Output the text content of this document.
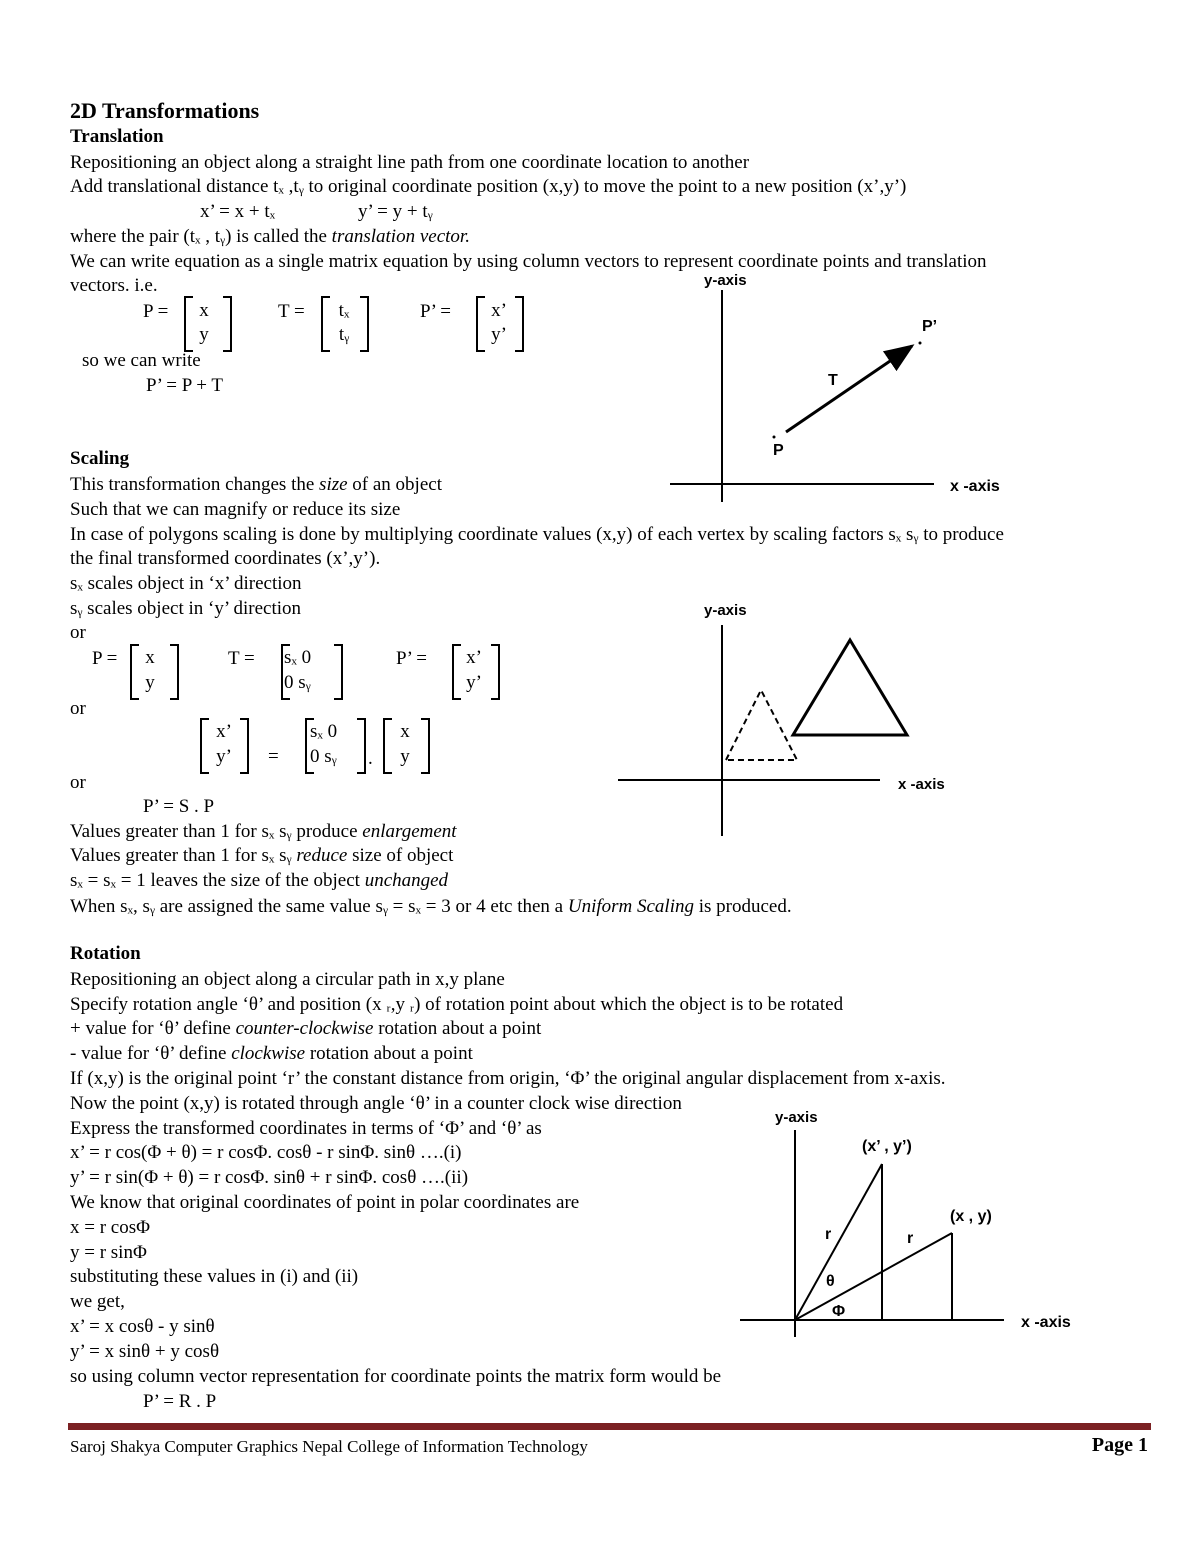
2D Transformations
Translation
Repositioning an object along a straight line path from one coordinate location to another
Add translational distance tₓ ,tᵧ to original coordinate position (x,y) to move the point to a new position (x’,y’)
x’ = x + tₓ	y’ = y + tᵧ
where the pair (tₓ , tᵧ) is called the translation vector.
We can write equation as a single matrix equation by using column vectors to represent coordinate points and translation
vectors. i.e.
P = x
y
T =	tₓ
tᵧ
P’ = x’
y’
so we can write
P’ = P + T
y-axis
x -axis
P’
T
P
Scaling
This transformation changes the size of an object
Such that we can magnify or reduce its size
In case of polygons scaling is done by multiplying coordinate values (x,y) of each vertex by scaling factors sₓ sᵧ to produce
the final transformed coordinates (x’,y’).
sₓ scales object in ‘x’ direction
sᵧ scales object in ‘y’ direction
or
P = x
y
T = sₓ 0
0 sᵧ
P’ =	x’
y’
or
x’
y’	=
sₓ 0
0 sᵧ	.
x
y
or
P’ = S . P
Values greater than 1 for sₓ sᵧ produce enlargement
Values greater than 1 for sₓ sᵧ reduce size of object
sₓ = sₓ = 1 leaves the size of the object unchanged
When sₓ, sᵧ are assigned the same value sᵧ = sₓ = 3 or 4 etc then a Uniform Scaling is produced.
y-axis
x -axis
Rotation
Repositioning an object along a circular path in x,y plane
Specify rotation angle ‘θ’ and position (x ᵣ,y ᵣ) of rotation point about which the object is to be rotated
+ value for ‘θ’ define counter-clockwise rotation about a point
- value for ‘θ’ define clockwise rotation about a point
If (x,y) is the original point ‘r’ the constant distance from origin, ‘Φ’ the original angular displacement from x-axis.
Now the point (x,y) is rotated through angle ‘θ’ in a counter clock wise direction
Express the transformed coordinates in terms of ‘Φ’ and ‘θ’ as
x’ = r cos(Φ + θ) = r cosΦ. cosθ - r sinΦ. sinθ ….(i)
y’ = r sin(Φ + θ) = r cosΦ. sinθ + r sinΦ. cosθ ….(ii)
We know that original coordinates of point in polar coordinates are
x = r cosΦ
y = r sinΦ
substituting these values in (i) and (ii)
we get,
x’ = x cosθ - y sinθ
y’ = x sinθ + y cosθ
so using column vector representation for coordinate points the matrix form would be
P’ = R . P
y-axis
x -axis
(x’ , y’)
(x , y)
r	r
θ
Φ
Saroj Shakya Computer Graphics Nepal College of Information Technology	Page 1
